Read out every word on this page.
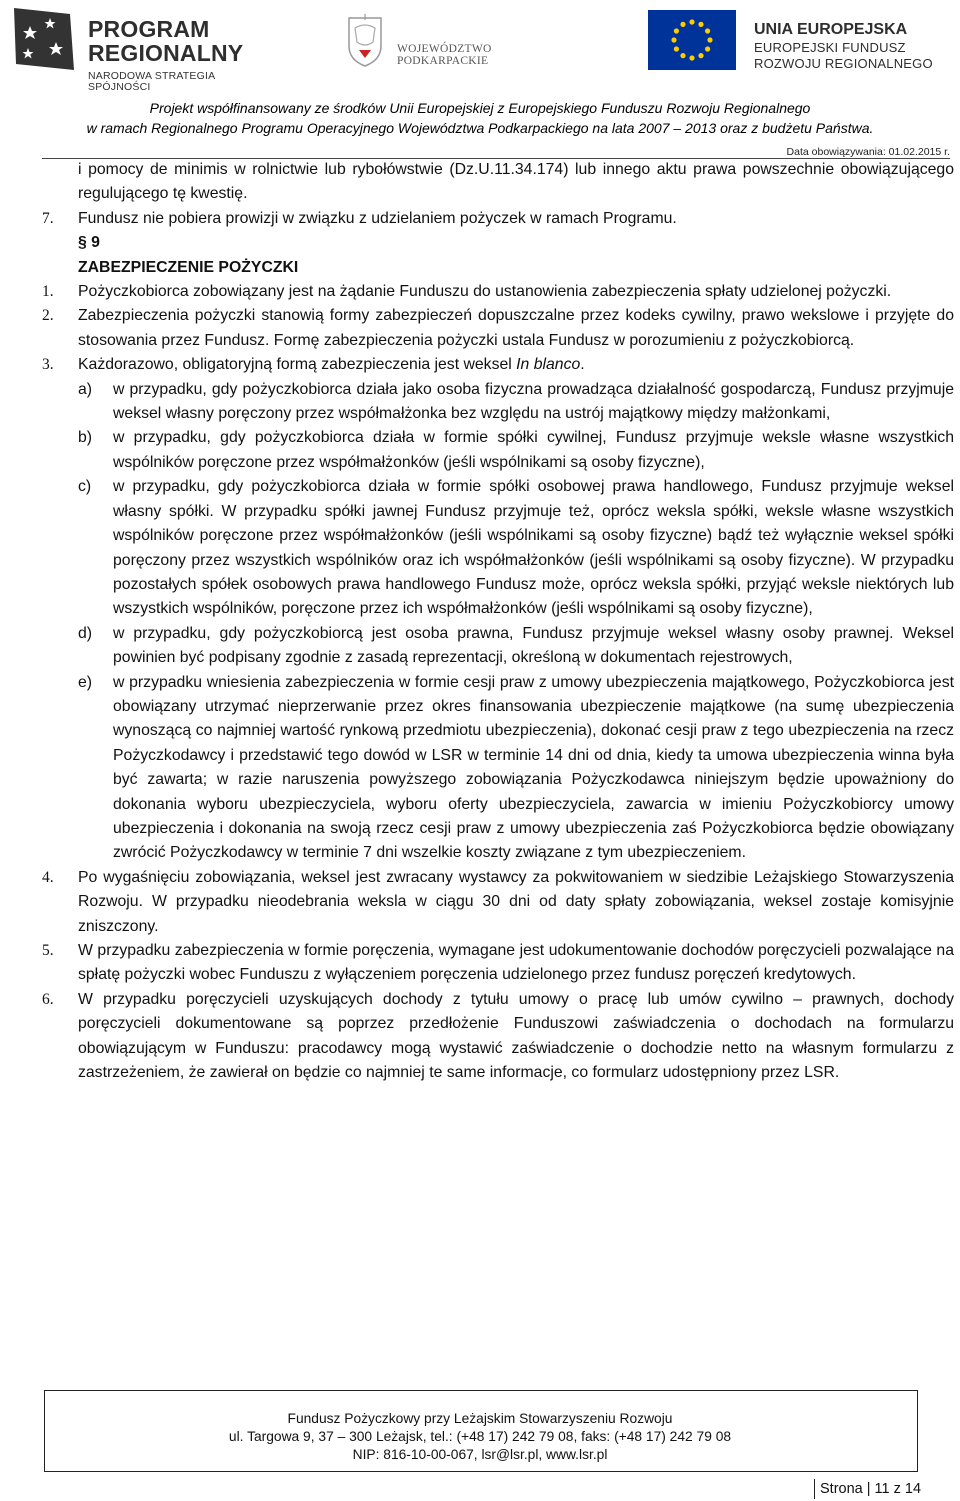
PROGRAM
REGIONALNY
NARODOWA STRATEGIA SPÓJNOŚCI
WOJEWÓDZTWO PODKARPACKIE
UNIA EUROPEJSKA
EUROPEJSKI FUNDUSZ
ROZWOJU REGIONALNEGO
Projekt współfinansowany ze środków Unii Europejskiej z Europejskiego Funduszu Rozwoju Regionalnego
w ramach Regionalnego Programu Operacyjnego Województwa Podkarpackiego na lata 2007 – 2013 oraz z budżetu Państwa.
Data obowiązywania: 01.02.2015 r.

i pomocy de minimis w rolnictwie lub rybołówstwie (Dz.U.11.34.174) lub innego aktu prawa powszechnie obowiązującego regulującego tę kwestię.

7. Fundusz nie pobiera prowizji w związku z udzielaniem pożyczek w ramach Programu.

§ 9

ZABEZPIECZENIE POŻYCZKI

1. Pożyczkobiorca zobowiązany jest na żądanie Funduszu do ustanowienia zabezpieczenia spłaty udzielonej pożyczki.

2. Zabezpieczenia pożyczki stanowią formy zabezpieczeń dopuszczalne przez kodeks cywilny, prawo wekslowe i przyjęte do stosowania przez Fundusz. Formę zabezpieczenia pożyczki ustala Fundusz w porozumieniu z pożyczkobiorcą.

3. Każdorazowo, obligatoryjną formą zabezpieczenia jest weksel In blanco.

a) w przypadku, gdy pożyczkobiorca działa jako osoba fizyczna prowadząca działalność gospodarczą, Fundusz przyjmuje weksel własny poręczony przez współmałżonka bez względu na ustrój majątkowy między małżonkami,

b) w przypadku, gdy pożyczkobiorca działa w formie spółki cywilnej, Fundusz przyjmuje weksle własne wszystkich wspólników poręczone przez współmałżonków (jeśli wspólnikami są osoby fizyczne),

c) w przypadku, gdy pożyczkobiorca działa w formie spółki osobowej prawa handlowego, Fundusz przyjmuje weksel własny spółki. W przypadku spółki jawnej Fundusz przyjmuje też, oprócz weksla spółki, weksle własne wszystkich wspólników poręczone przez współmałżonków (jeśli wspólnikami są osoby fizyczne) bądź też wyłącznie weksel spółki poręczony przez wszystkich wspólników oraz ich współmałżonków (jeśli wspólnikami są osoby fizyczne). W przypadku pozostałych spółek osobowych prawa handlowego Fundusz może, oprócz weksla spółki, przyjąć weksle niektórych lub wszystkich wspólników, poręczone przez ich współmałżonków (jeśli wspólnikami są osoby fizyczne),

d) w przypadku, gdy pożyczkobiorcą jest osoba prawna, Fundusz przyjmuje weksel własny osoby prawnej. Weksel powinien być podpisany zgodnie z zasadą reprezentacji, określoną w dokumentach rejestrowych,

e) w przypadku wniesienia zabezpieczenia w formie cesji praw z umowy ubezpieczenia majątkowego, Pożyczkobiorca jest obowiązany utrzymać nieprzerwanie przez okres finansowania ubezpieczenie majątkowe (na sumę ubezpieczenia wynoszącą co najmniej wartość rynkową przedmiotu ubezpieczenia), dokonać cesji praw z tego ubezpieczenia na rzecz Pożyczkodawcy i przedstawić tego dowód w LSR w terminie 14 dni od dnia, kiedy ta umowa ubezpieczenia winna była być zawarta; w razie naruszenia powyższego zobowiązania Pożyczkodawca niniejszym będzie upoważniony do dokonania wyboru ubezpieczyciela, wyboru oferty ubezpieczyciela, zawarcia w imieniu Pożyczkobiorcy umowy ubezpieczenia i dokonania na swoją rzecz cesji praw z umowy ubezpieczenia zaś Pożyczkobiorca będzie obowiązany zwrócić Pożyczkodawcy w terminie 7 dni wszelkie koszty związane z tym ubezpieczeniem.

4. Po wygaśnięciu zobowiązania, weksel jest zwracany wystawcy za pokwitowaniem w siedzibie Leżajskiego Stowarzyszenia Rozwoju. W przypadku nieodebrania weksla w ciągu 30 dni od daty spłaty zobowiązania, weksel zostaje komisyjnie zniszczony.

5. W przypadku zabezpieczenia w formie poręczenia, wymagane jest udokumentowanie dochodów poręczycieli pozwalające na spłatę pożyczki wobec Funduszu z wyłączeniem poręczenia udzielonego przez fundusz poręczeń kredytowych.

6. W przypadku poręczycieli uzyskujących dochody z tytułu umowy o pracę lub umów cywilno – prawnych, dochody poręczycieli dokumentowane są poprzez przedłożenie Funduszowi zaświadczenia o dochodach na formularzu obowiązującym w Funduszu: pracodawcy mogą wystawić zaświadczenie o dochodzie netto na własnym formularzu z zastrzeżeniem, że zawierał on będzie co najmniej te same informacje, co formularz udostępniony przez LSR.

Fundusz Pożyczkowy przy Leżajskim Stowarzyszeniu Rozwoju
ul. Targowa 9, 37 – 300 Leżajsk, tel.: (+48 17) 242 79 08, faks: (+48 17) 242 79 08
NIP: 816-10-00-067, lsr@lsr.pl, www.lsr.pl
Strona | 11 z 14
